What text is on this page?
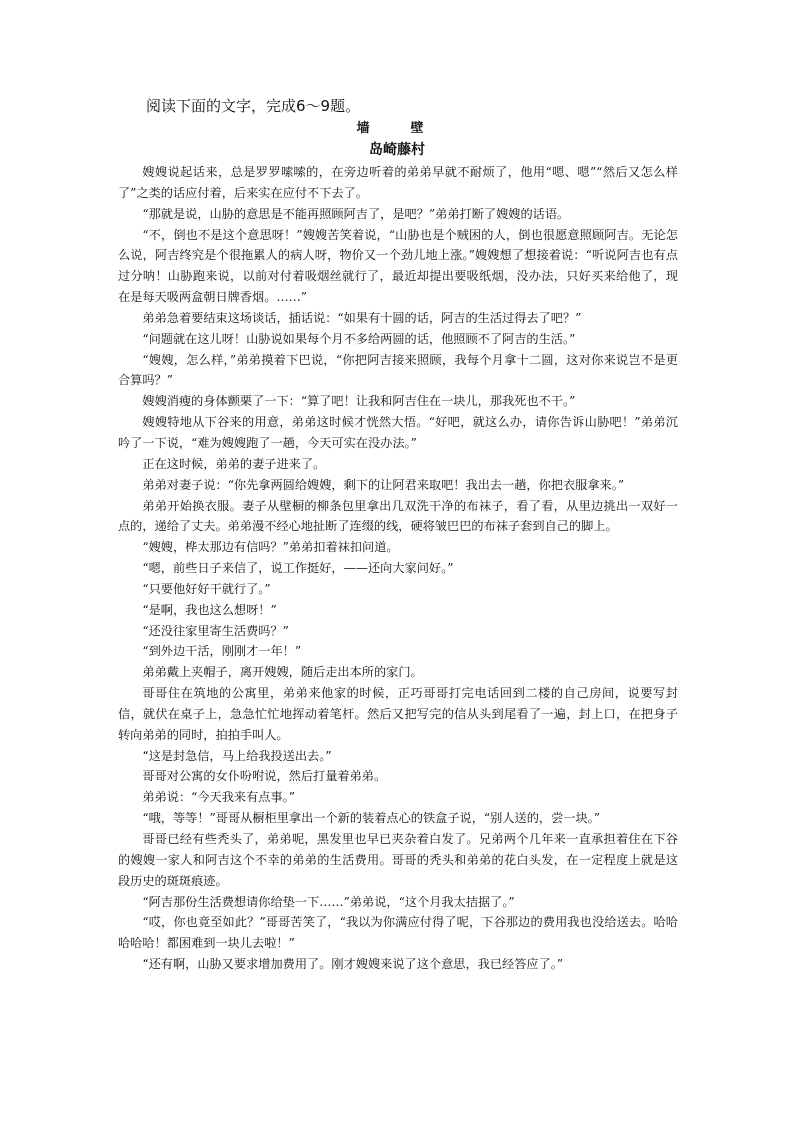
阅读下面的文字，完成6～9题。
墙　壁
岛崎藤村

嫂嫂说起话来，总是罗罗嗦嗦的，在旁边听着的弟弟早就不耐烦了，他用“嗯、嗯”“然后又怎么样了”之类的话应付着，后来实在应付不下去了。

“那就是说，山胁的意思是不能再照顾阿吉了，是吧？”弟弟打断了嫂嫂的话语。

“不，倒也不是这个意思呀！”嫂嫂苦笑着说，“山胁也是个贼困的人，倒也很愿意照顾阿吉。无论怎么说，阿吉终究是个很拖累人的病人呀，物价又一个劲儿地上涨。”嫂嫂想了想接着说：“听说阿吉也有点过分呐！山胁跑来说，以前对付着吸烟丝就行了，最近却提出要吸纸烟，没办法，只好买来给他了，现在是每天吸两盒朝日牌香烟。……”

弟弟急着要结束这场谈话，插话说：“如果有十圆的话，阿吉的生活过得去了吧？”

“问题就在这儿呀！山胁说如果每个月不多给两圆的话，他照顾不了阿吉的生活。”

“嫂嫂，怎么样，”弟弟摸着下巴说，“你把阿吉接来照顾，我每个月拿十二圆，这对你来说岂不是更合算吗？”

嫂嫂消瘦的身体颤栗了一下：“算了吧！让我和阿吉住在一块儿，那我死也不干。”

嫂嫂特地从下谷来的用意，弟弟这时候才恍然大悟。“好吧，就这么办，请你告诉山胁吧！”弟弟沉吟了一下说，“难为嫂嫂跑了一趟，今天可实在没办法。”

正在这时候，弟弟的妻子进来了。

弟弟对妻子说：“你先拿两圆给嫂嫂，剩下的让阿君来取吧！我出去一趟，你把衣服拿来。”

弟弟开始换衣服。妻子从壁橱的柳条包里拿出几双洗干净的布袜子，看了看，从里边挑出一双好一点的，递给了丈夫。弟弟漫不经心地扯断了连缀的线，硬将皱巴巴的布袜子套到自己的脚上。

“嫂嫂，桦太那边有信吗？”弟弟扣着袜扣问道。

“嗯，前些日子来信了，说工作挺好，——还向大家问好。”

“只要他好好干就行了。”

“是啊，我也这么想呀！”

“还没往家里寄生活费吗？”

“到外边干活，刚刚才一年！”

弟弟戴上夹帽子，离开嫂嫂，随后走出本所的家门。

哥哥住在筑地的公寓里，弟弟来他家的时候，正巧哥哥打完电话回到二楼的自己房间，说要写封信，就伏在桌子上，急急忙忙地挥动着笔杆。然后又把写完的信从头到尾看了一遍，封上口，在把身子转向弟弟的同时，拍拍手叫人。

“这是封急信，马上给我投送出去。”

哥哥对公寓的女仆吩咐说，然后打量着弟弟。

弟弟说：“今天我来有点事。”

“哦，等等！”哥哥从橱柜里拿出一个新的装着点心的铁盒子说，“别人送的，尝一块。”

哥哥已经有些秃头了，弟弟呢，黑发里也早已夹杂着白发了。兄弟两个几年来一直承担着住在下谷的嫂嫂一家人和阿吉这个不幸的弟弟的生活费用。哥哥的秃头和弟弟的花白头发，在一定程度上就是这段历史的斑斑痕迹。

“阿吉那份生活费想请你给垫一下……”弟弟说，“这个月我太拮据了。”

“哎，你也竟至如此？”哥哥苦笑了，“我以为你满应付得了呢，下谷那边的费用我也没给送去。哈哈哈哈哈！都困难到一块儿去啦！”

“还有啊，山胁又要求增加费用了。刚才嫂嫂来说了这个意思，我已经答应了。”
